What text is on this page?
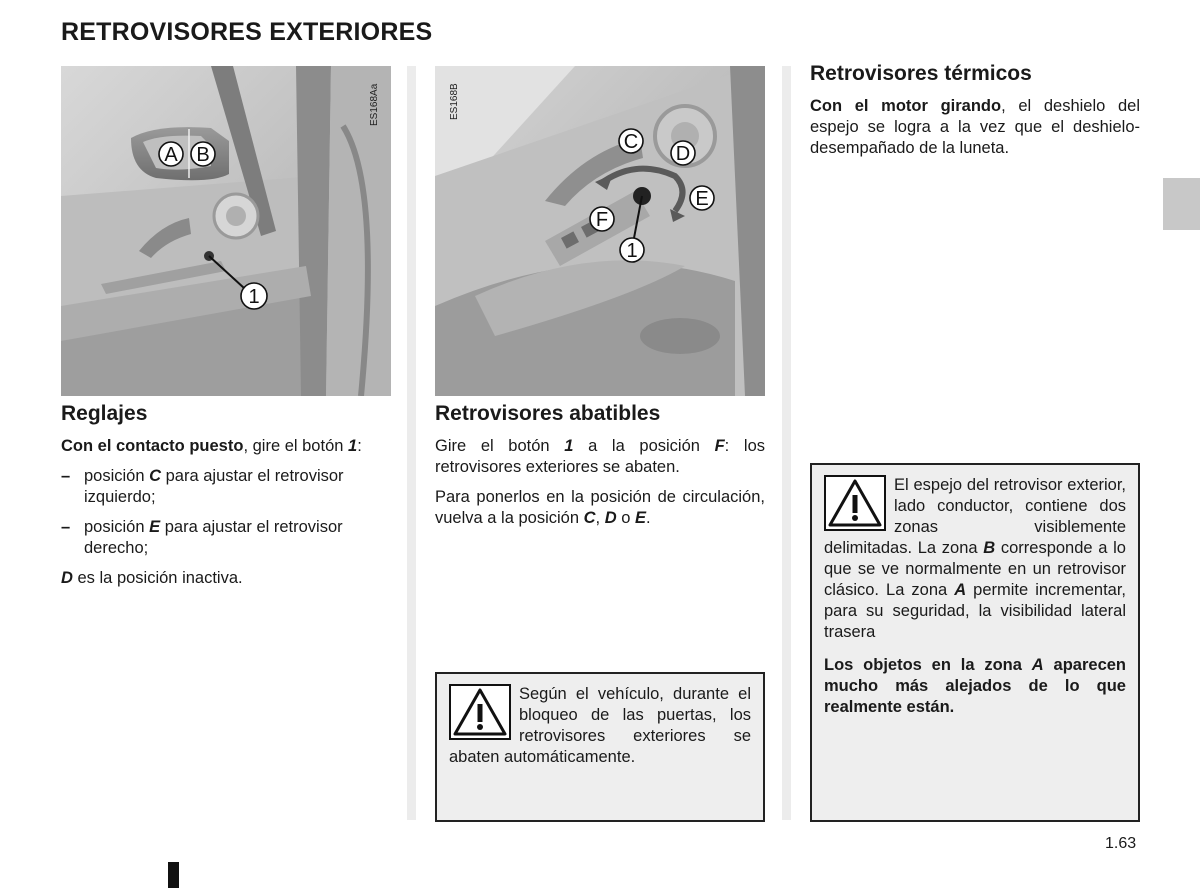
RETROVISORES EXTERIORES
A B
1
ES168Aa
C
D
E
F
1
ES168B
Reglajes

Con el contacto puesto, gire el botón 1:

– posición C para ajustar el retrovisor izquierdo;
– posición E para ajustar el retrovisor derecho;

D es la posición inactiva.

Retrovisores abatibles

Gire el botón 1 a la posición F: los retrovisores exteriores se abaten.

Para ponerlos en la posición de circulación, vuelva a la posición C, D o E.

Según el vehículo, durante el bloqueo de las puertas, los retrovisores exteriores se abaten automáticamente.
Retrovisores térmicos

Con el motor girando, el deshielo del espejo se logra a la vez que el deshielo-desempañado de la luneta.

El espejo del retrovisor exterior, lado conductor, contiene dos zonas visiblemente delimitadas. La zona B corresponde a lo que se ve normalmente en un retrovisor clásico. La zona A permite incrementar, para su seguridad, la visibilidad lateral trasera
Los objetos en la zona A aparecen mucho más alejados de lo que realmente están.
1.63
